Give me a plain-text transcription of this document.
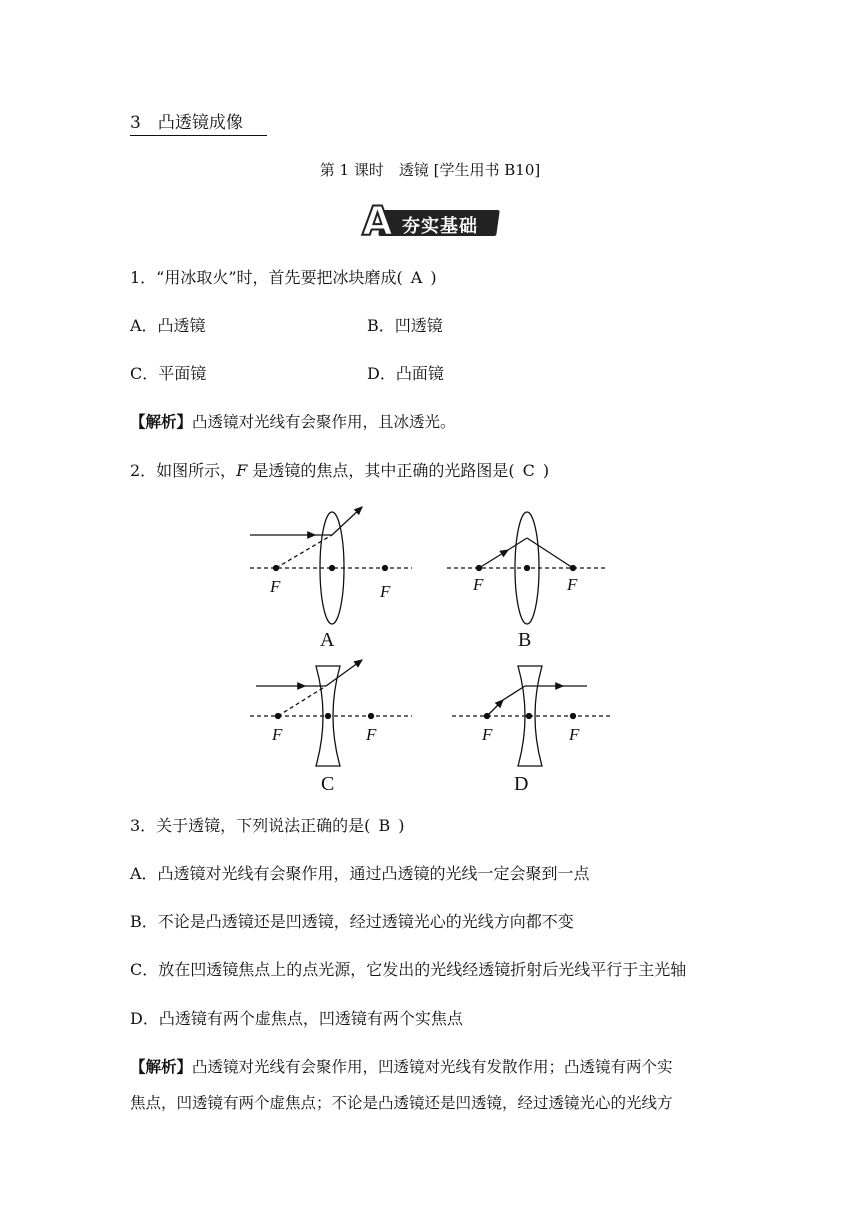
3　凸透镜成像
第 1 课时　透镜 [学生用书 B10]
A 夯实基础
1．“用冰取火”时，首先要把冰块磨成( A )
A．凸透镜	B．凹透镜
C．平面镜	D．凸面镜
【解析】凸透镜对光线有会聚作用，且冰透光。
2．如图所示，F 是透镜的焦点，其中正确的光路图是( C )
F	F	F	F
F	F	F	F
A	B
C	D
3．关于透镜，下列说法正确的是( B )
A．凸透镜对光线有会聚作用，通过凸透镜的光线一定会聚到一点
B．不论是凸透镜还是凹透镜，经过透镜光心的光线方向都不变
C．放在凹透镜焦点上的点光源，它发出的光线经透镜折射后光线平行于主光轴
D．凸透镜有两个虚焦点，凹透镜有两个实焦点
【解析】凸透镜对光线有会聚作用，凹透镜对光线有发散作用；凸透镜有两个实
焦点，凹透镜有两个虚焦点；不论是凸透镜还是凹透镜，经过透镜光心的光线方
